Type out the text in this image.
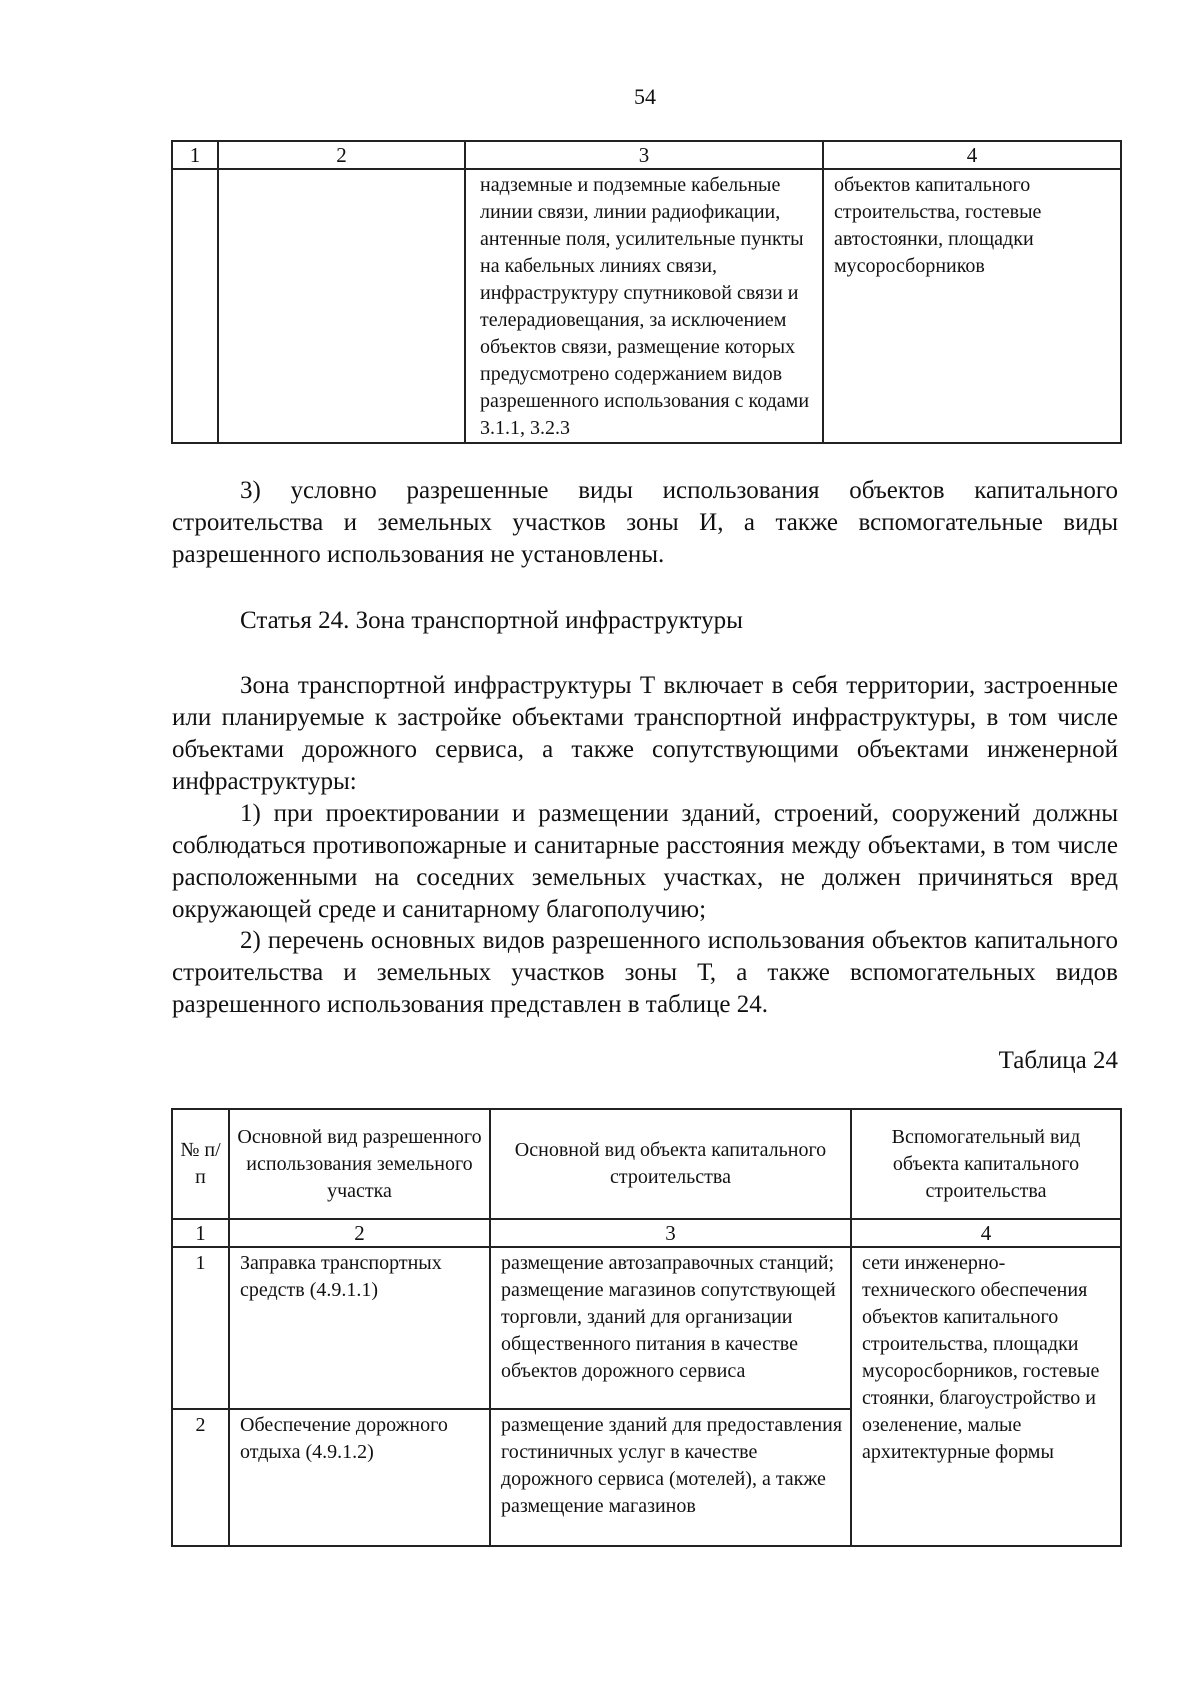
54
1	2	3	4
		надземные и подземные кабельные линии связи, линии радиофикации, антенные поля, усилительные пункты на кабельных линиях связи, инфраструктуру спутниковой связи и телерадиовещания, за исключением объектов связи, размещение которых предусмотрено содержанием видов разрешенного использования с кодами 3.1.1, 3.2.3	объектов капитального строительства, гостевые автостоянки, площадки мусоросборников
3) условно разрешенные виды использования объектов капитального строительства и земельных участков зоны И, а также вспомогательные виды разрешенного использования не установлены.
Статья 24. Зона транспортной инфраструктуры
Зона транспортной инфраструктуры Т включает в себя территории, застроенные или планируемые к застройке объектами транспортной инфраструктуры, в том числе объектами дорожного сервиса, а также сопутствующими объектами инженерной инфраструктуры:
1) при проектировании и размещении зданий, строений, сооружений должны соблюдаться противопожарные и санитарные расстояния между объектами, в том числе расположенными на соседних земельных участках, не должен причиняться вред окружающей среде и санитарному благополучию;
2) перечень основных видов разрешенного использования объектов капитального строительства и земельных участков зоны Т, а также вспомогательных видов разрешенного использования представлен в таблице 24.
Таблица 24
№ п/п	Основной вид разрешенного использования земельного участка	Основной вид объекта капитального строительства	Вспомогательный вид объекта капитального строительства
1	2	3	4
1	Заправка транспортных средств (4.9.1.1)	размещение автозаправочных станций; размещение магазинов сопутствующей торговли, зданий для организации общественного питания в качестве объектов дорожного сервиса	сети инженерно-технического обеспечения объектов капитального строительства, площадки мусоросборников, гостевые стоянки, благоустройство и озеленение, малые архитектурные формы
2	Обеспечение дорожного отдыха (4.9.1.2)	размещение зданий для предоставления гостиничных услуг в качестве дорожного сервиса (мотелей), а также размещение магазинов	
